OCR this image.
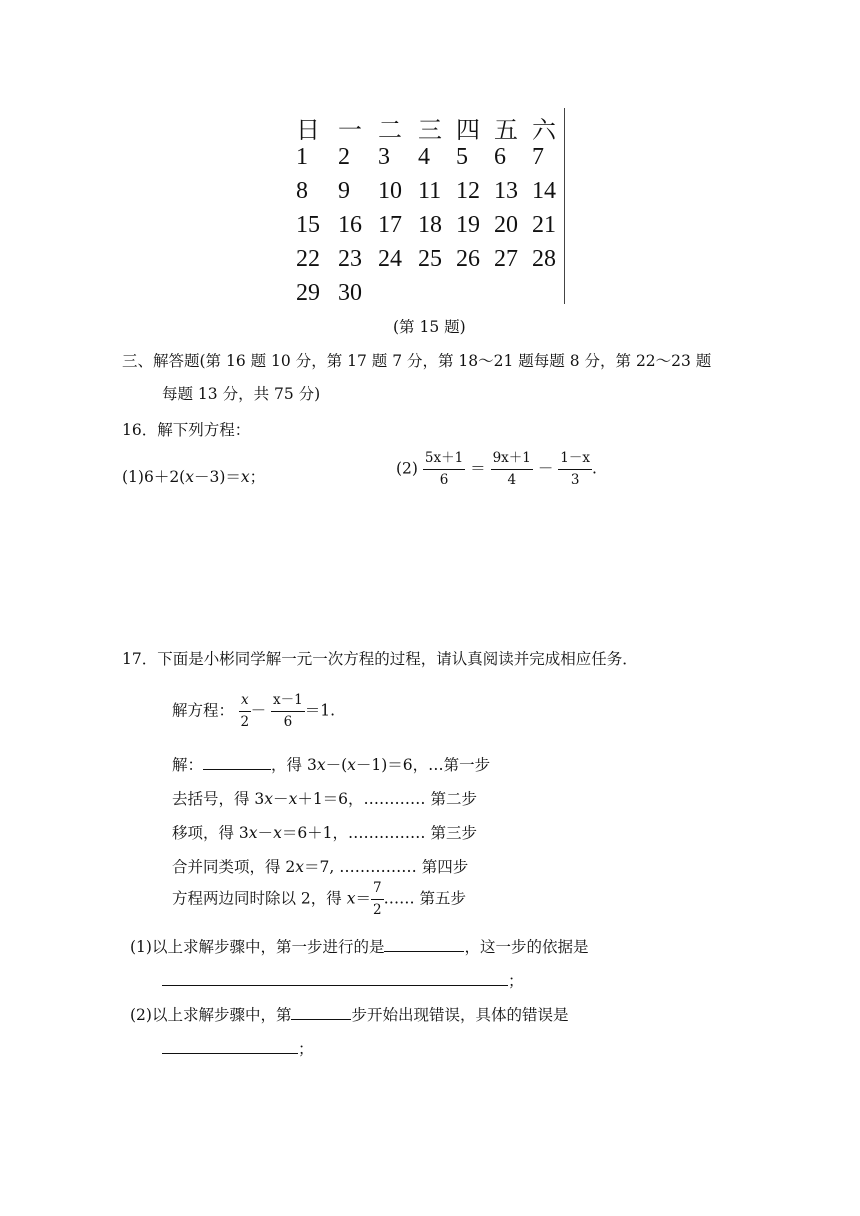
日 一 二 三 四 五 六
1 2 3 4 5 6 7
8 9 10 11 12 13 14
15 16 17 18 19 20 21
22 23 24 25 26 27 28
29 30
(第 15 题)
三、解答题(第 16 题 10 分，第 17 题 7 分，第 18～21 题每题 8 分，第 22～23 题
每题 13 分，共 75 分)
16．解下列方程：
(1)6＋2(x－3)＝x；	$(2) \frac{5x+1}{6} = \frac{9x+1}{4} - \frac{1-x}{3}$ .
17．下面是小彬同学解一元一次方程的过程，请认真阅读并完成相应任务．
解方程： $\frac{x}{2} - \frac{x-1}{6} =1$.
解：	，得 3x－(x－1)＝6，…第一步
去括号，得 3x－x＋1＝6，………… 第二步
移项，得 3x－x＝6＋1，…………… 第三步
合并同类项，得 2x＝7, …………… 第四步
方程两边同时除以 2，得 $x= \frac{7}{2}$ …… 第五步
(1)以上求解步骤中，第一步进行的是	，这一步的依据是
；
(2)以上求解步骤中，第	步开始出现错误，具体的错误是
；
